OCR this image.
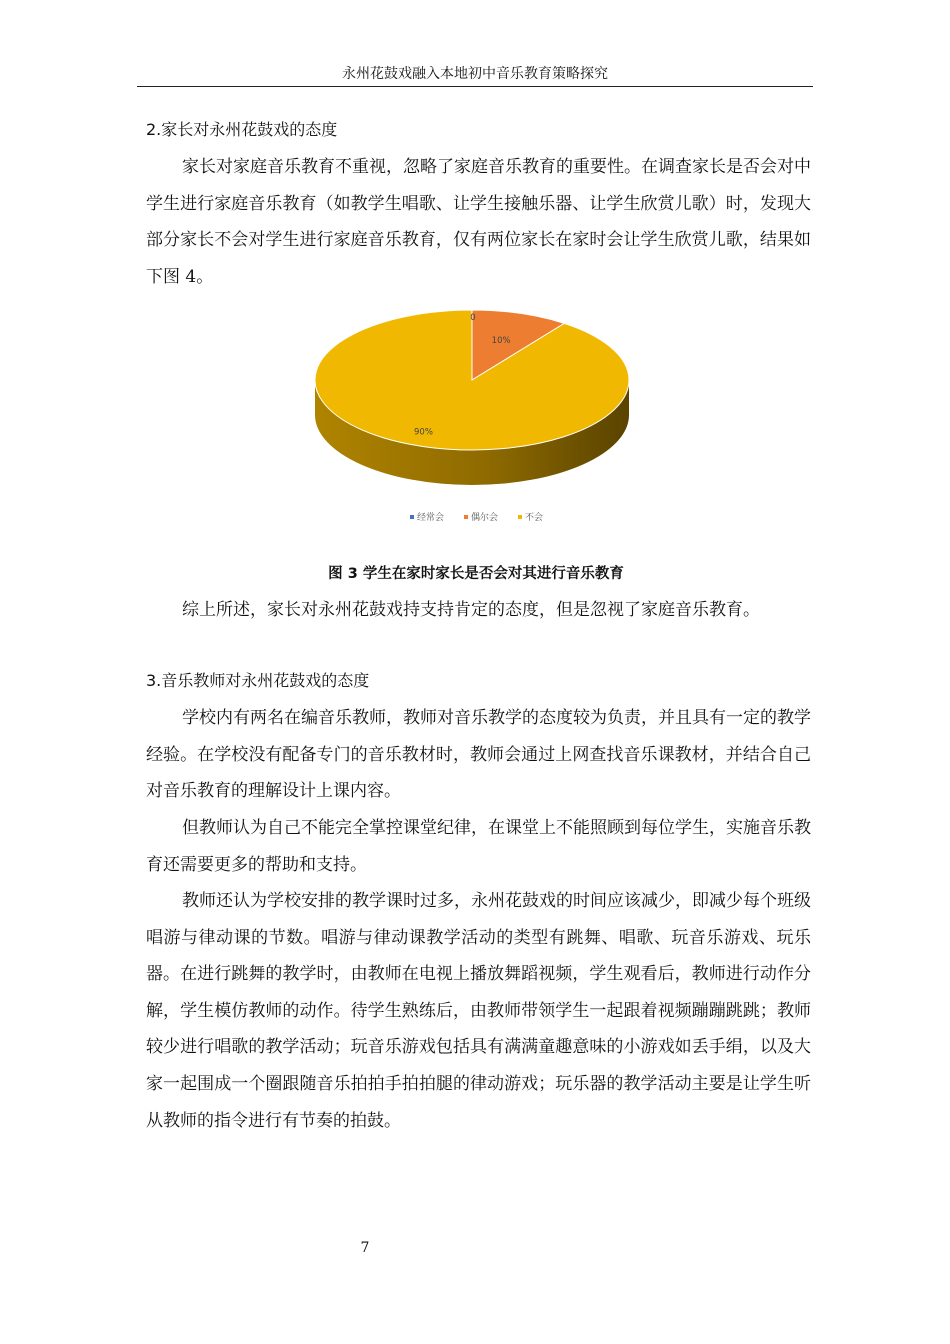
永州花鼓戏融入本地初中音乐教育策略探究
2.家长对永州花鼓戏的态度

家长对家庭音乐教育不重视，忽略了家庭音乐教育的重要性。在调查家长是否会对中学生进行家庭音乐教育（如教学生唱歌、让学生接触乐器、让学生欣赏儿歌）时，发现大部分家长不会对学生进行家庭音乐教育，仅有两位家长在家时会让学生欣赏儿歌，结果如下图 4。

0
10%
90%
经常会	偶尔会	不会
图 3 学生在家时家长是否会对其进行音乐教育

综上所述，家长对永州花鼓戏持支持肯定的态度，但是忽视了家庭音乐教育。

3.音乐教师对永州花鼓戏的态度

学校内有两名在编音乐教师，教师对音乐教学的态度较为负责，并且具有一定的教学经验。在学校没有配备专门的音乐教材时，教师会通过上网查找音乐课教材，并结合自己对音乐教育的理解设计上课内容。

但教师认为自己不能完全掌控课堂纪律，在课堂上不能照顾到每位学生，实施音乐教育还需要更多的帮助和支持。

教师还认为学校安排的教学课时过多，永州花鼓戏的时间应该减少，即减少每个班级唱游与律动课的节数。唱游与律动课教学活动的类型有跳舞、唱歌、玩音乐游戏、玩乐器。在进行跳舞的教学时，由教师在电视上播放舞蹈视频，学生观看后，教师进行动作分解，学生模仿教师的动作。待学生熟练后，由教师带领学生一起跟着视频蹦蹦跳跳；教师较少进行唱歌的教学活动；玩音乐游戏包括具有满满童趣意味的小游戏如丢手绢，以及大家一起围成一个圈跟随音乐拍拍手拍拍腿的律动游戏；玩乐器的教学活动主要是让学生听从教师的指令进行有节奏的拍鼓。

7
